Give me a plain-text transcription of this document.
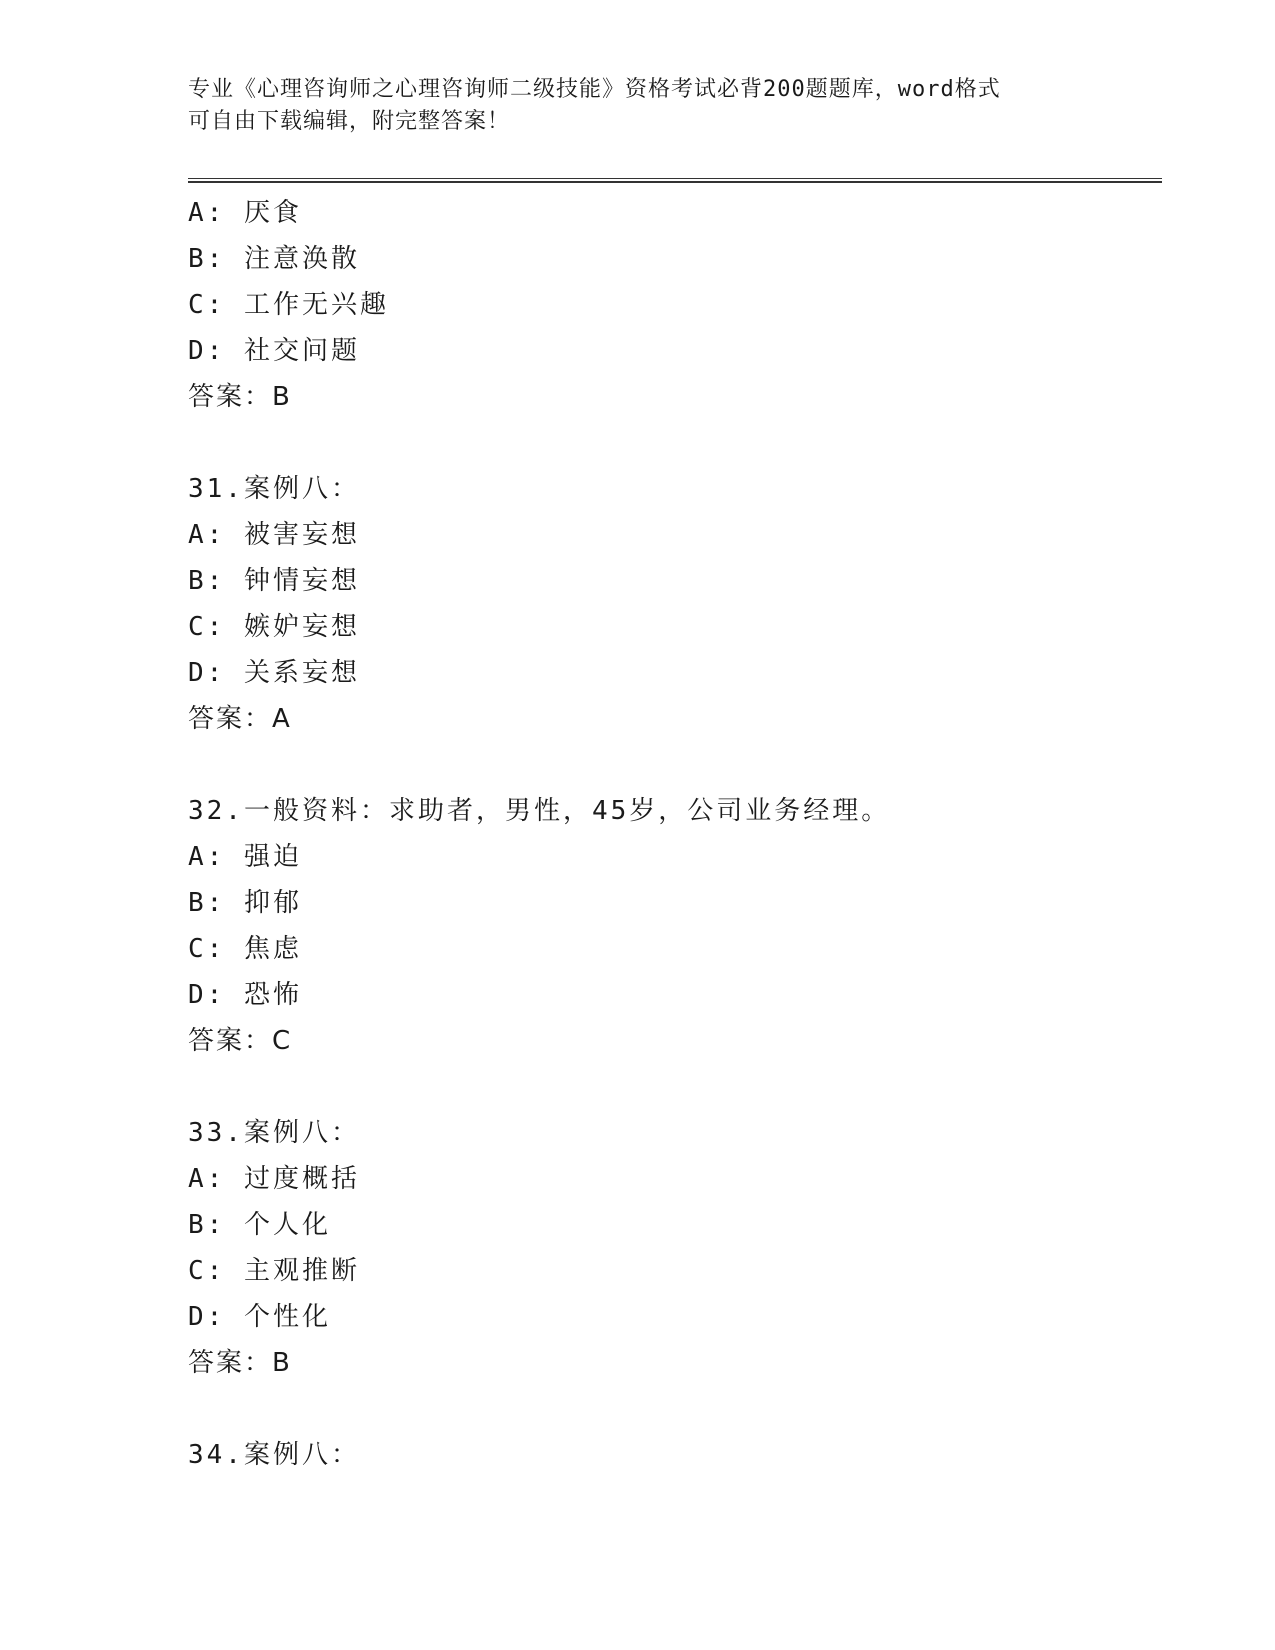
专业《心理咨询师之心理咨询师二级技能》资格考试必背200题题库，word格式
可自由下载编辑，附完整答案！
A: 厌食
B: 注意涣散
C: 工作无兴趣
D: 社交问题
答案：B
31.案例八：
A: 被害妄想
B: 钟情妄想
C: 嫉妒妄想
D: 关系妄想
答案：A
32.一般资料：求助者，男性，45岁，公司业务经理。
A: 强迫
B: 抑郁
C: 焦虑
D: 恐怖
答案：C
33.案例八：
A: 过度概括
B: 个人化
C: 主观推断
D: 个性化
答案：B
34.案例八：
